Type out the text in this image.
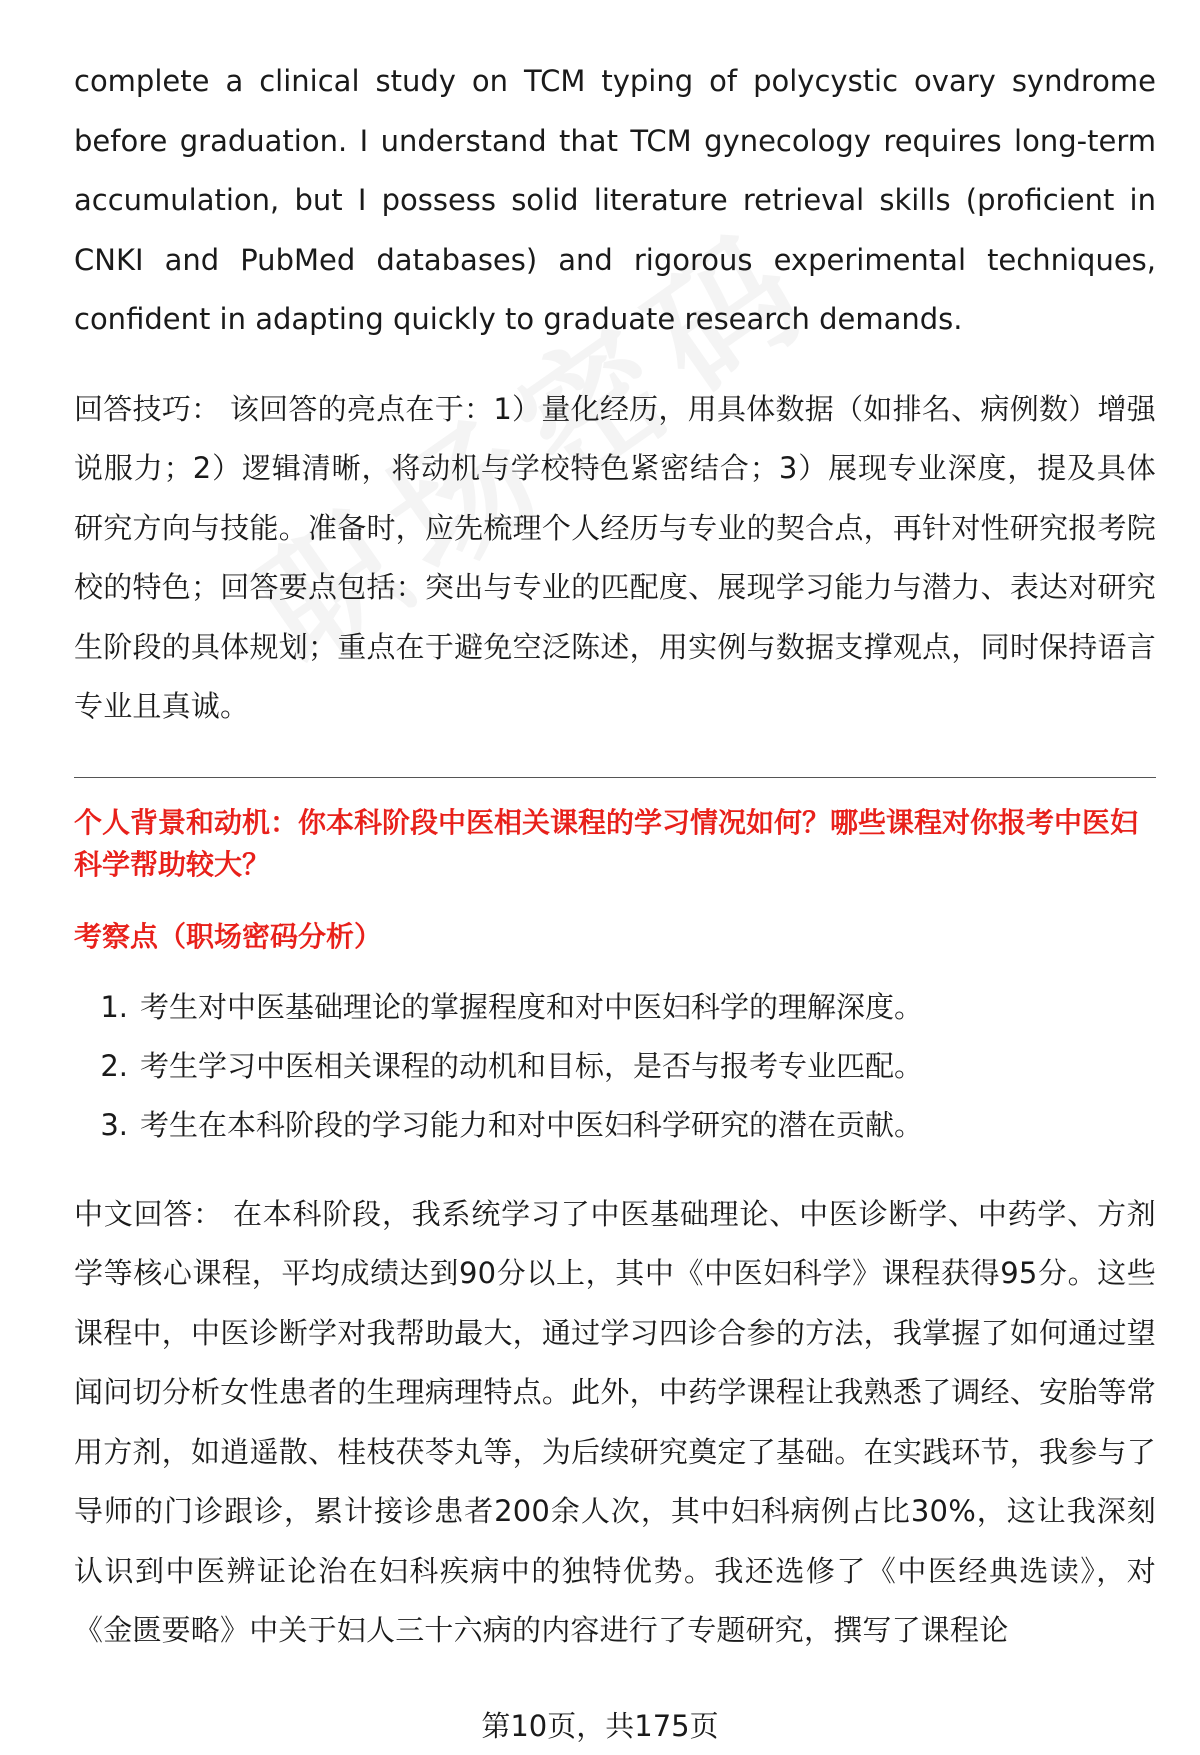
complete a clinical study on TCM typing of polycystic ovary syndrome before graduation. I understand that TCM gynecology requires long-term accumulation, but I possess solid literature retrieval skills (proficient in CNKI and PubMed databases) and rigorous experimental techniques, confident in adapting quickly to graduate research demands.

回答技巧： 该回答的亮点在于：1）量化经历，用具体数据（如排名、病例数）增强说服力；2）逻辑清晰，将动机与学校特色紧密结合；3）展现专业深度，提及具体研究方向与技能。准备时，应先梳理个人经历与专业的契合点，再针对性研究报考院校的特色；回答要点包括：突出与专业的匹配度、展现学习能力与潜力、表达对研究生阶段的具体规划；重点在于避免空泛陈述，用实例与数据支撑观点，同时保持语言专业且真诚。

个人背景和动机：你本科阶段中医相关课程的学习情况如何？哪些课程对你报考中医妇科学帮助较大？

考察点（职场密码分析）

1. 考生对中医基础理论的掌握程度和对中医妇科学的理解深度。
2. 考生学习中医相关课程的动机和目标，是否与报考专业匹配。
3. 考生在本科阶段的学习能力和对中医妇科学研究的潜在贡献。

中文回答： 在本科阶段，我系统学习了中医基础理论、中医诊断学、中药学、方剂学等核心课程，平均成绩达到90分以上，其中《中医妇科学》课程获得95分。这些课程中，中医诊断学对我帮助最大，通过学习四诊合参的方法，我掌握了如何通过望闻问切分析女性患者的生理病理特点。此外，中药学课程让我熟悉了调经、安胎等常用方剂，如逍遥散、桂枝茯苓丸等，为后续研究奠定了基础。在实践环节，我参与了导师的门诊跟诊，累计接诊患者200余人次，其中妇科病例占比30%，这让我深刻认识到中医辨证论治在妇科疾病中的独特优势。我还选修了《中医经典选读》，对《金匮要略》中关于妇人三十六病的内容进行了专题研究，撰写了课程论

第10页，共175页
